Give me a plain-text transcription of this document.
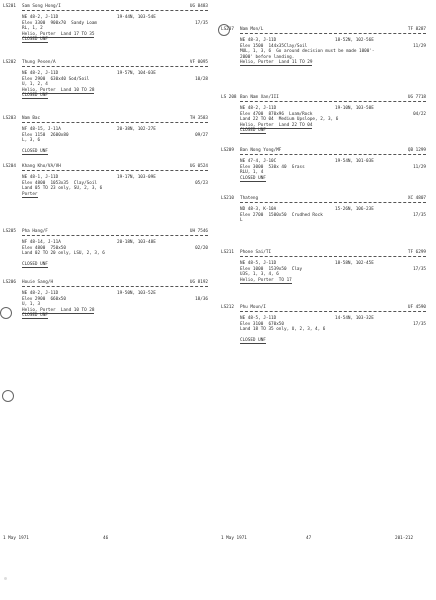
LS201 Sam Song Hong/I	UG 8483
NE 48-2, J-11D	19-44N, 103-54E
Elev 3300  900x70  Sandy Loam	17/35
RL, 1, 2
Helio, Porter  Land 17 TO 35
CLOSED UNF
LS202 Thung Pesen/A	VF 0095
NE 48-2, J-11D	19-57N, 104-03E
Elev 2900  630x40 Sod/Soil	10/28
U, 1, 2, 4
Helio, Porter  Land 10 TO 28
CLOSED UNF
LS203 Nam Bac	TH 3583
NF 48-15, J-11A	20-38N, 102-27E
Elev 1150  2600x80	09/27
L, 3, 6
CLOSED UNF
LS204 Khang Kho/VA/VH	UG 0524
NE 48-1, J-11D	19-17N, 103-09E
Elev 4800  1053x35  Clay/Soil	05/23
Land 05 TO 23 only, SU, 2, 3, 6
Porter
LS205 Pha Hang/F	UH 7546
NF 48-14, J-11A	20-18N, 103-48E
Elev 4800  750x50	02/20
Land 02 TO 20 only, LSU, 2, 3, 6
CLOSED UNF
LS206 Houie Sang/H	UG 8192
NE 48-2, J-11D	19-50N, 103-52E
Elev 2900  660x50	18/36
U, 1, 3
Helio, Porter  Land 10 TO 28
CLOSED UNF
LS207 Nam Mon/L	TF 8287
NE 48-3, J-11D	18-52N, 102-56E
Elev 1500  144x35Clay/Soil	11/29
MUL, 1, 3, 6  Go around decision must be made 1000'-
2000' before landing.
Helio, Porter  Land 11 TO 29
LS 208 Ban Nam Xan/III	UG 7718
NE 48-2, J-11D	19-10N, 103-50E
Elev 4700  870x96  Loam/Rock	04/22
Land 22 TO 04  Medium Upslope, 2, 3, 6
Helio, Porter  Land 22 TO 04
CLOSED UNF
LS209 Ban Nong Yong/MF	QB 1299
NE 47-4, J-10C	19-54N, 101-03E
Elev 3000  530x 40  Grass	11/29
RLU, 1, 4
CLOSED UNF
LS210 Thateng	XC 4807
ND 48-3, K-10A	15-26N, 106-23E
Elev 2700  1500x50  Crudhed Rock	17/35
L
LS211 Phone Sai/TI	TF 6299
NE 48-5, J-11D	18-58N, 102-45E
Elev 1000  1539x50  Clay	17/35
U3S, 1, 3, 4, 6
Helio, Porter  TO 17
LS212 Phu Moun/I	UF 4590
NE 48-5, J-11D	14-54N, 103-32E
Elev 3100  670x50	17/35
Land 18 TO 35 only, U, 2, 3, 4, 6
CLOSED UNF
1 May 1971	46	1 May 1971	47	201-212
